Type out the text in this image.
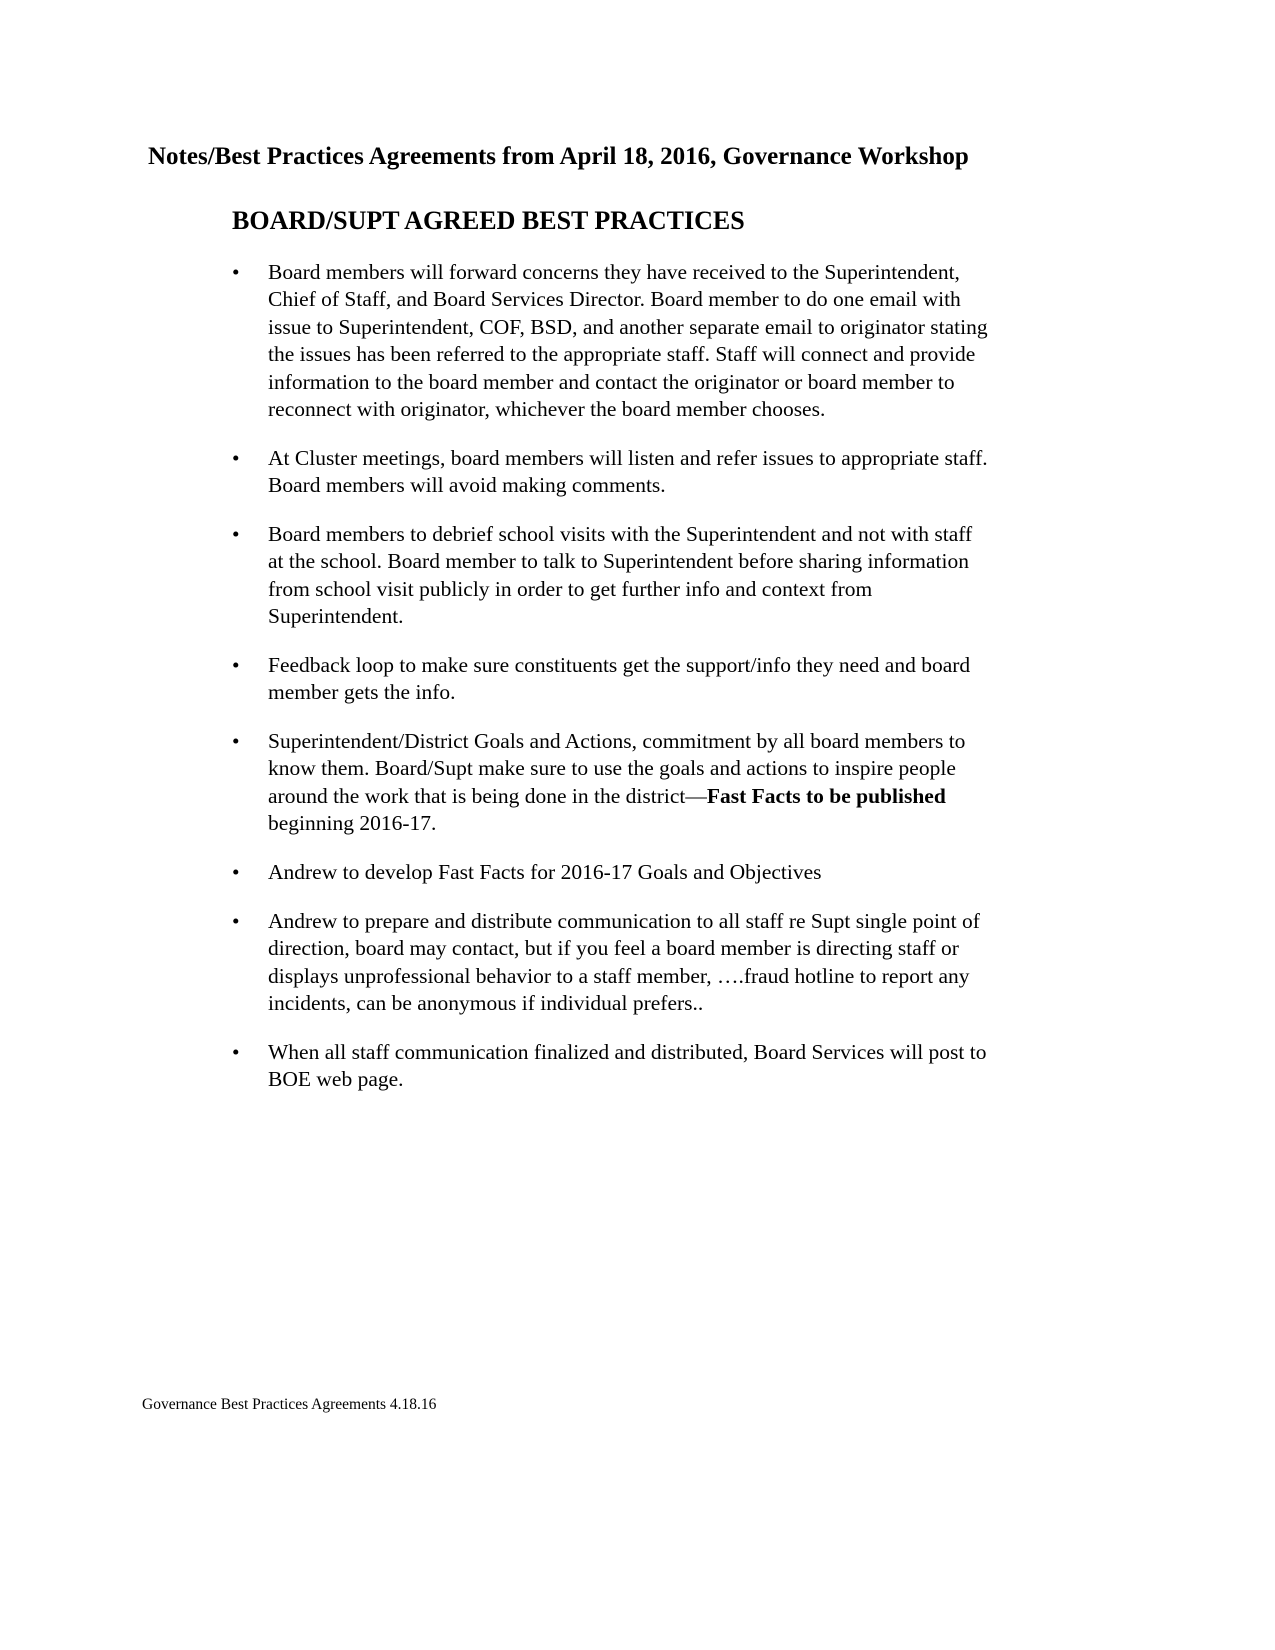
Notes/Best Practices Agreements from April 18, 2016, Governance Workshop
BOARD/SUPT AGREED BEST PRACTICES
•	Board members will forward concerns they have received to the Superintendent,
Chief of Staff, and Board Services Director. Board member to do one email with
issue to Superintendent, COF, BSD, and another separate email to originator stating
the issues has been referred to the appropriate staff. Staff will connect and provide
information to the board member and contact the originator or board member to
reconnect with originator, whichever the board member chooses.
•	At Cluster meetings, board members will listen and refer issues to appropriate staff.
Board members will avoid making comments.
•	Board members to debrief school visits with the Superintendent and not with staff
at the school. Board member to talk to Superintendent before sharing information
from school visit publicly in order to get further info and context from
Superintendent.
•	Feedback loop to make sure constituents get the support/info they need and board
member gets the info.
•	Superintendent/District Goals and Actions, commitment by all board members to
know them. Board/Supt make sure to use the goals and actions to inspire people
around the work that is being done in the district—Fast Facts to be published
beginning 2016-17.
•	Andrew to develop Fast Facts for 2016-17 Goals and Objectives
•	Andrew to prepare and distribute communication to all staff re Supt single point of
direction, board may contact, but if you feel a board member is directing staff or
displays unprofessional behavior to a staff member, ….fraud hotline to report any
incidents, can be anonymous if individual prefers..
•	When all staff communication finalized and distributed, Board Services will post to
BOE web page.
Governance Best Practices Agreements 4.18.16
